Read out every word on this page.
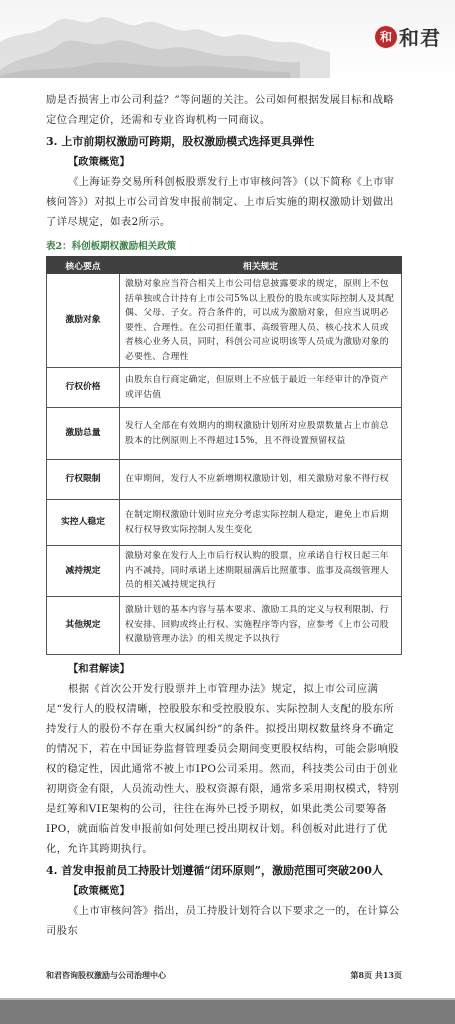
和 和君

励是否损害上市公司利益？”等问题的关注。公司如何根据发展目标和战略定位合理定价，还需和专业咨询机构一同商议。

3. 上市前期权激励可跨期，股权激励模式选择更具弹性
【政策概览】

《上海证券交易所科创板股票发行上市审核问答》（以下简称《上市审核问答》）对拟上市公司首发申报前制定、上市后实施的期权激励计划做出了详尽规定，如表2所示。

表2：科创板期权激励相关政策
核心要点	相关规定
激励对象	激励对象应当符合相关上市公司信息披露要求的规定，原则上不包括单独或合计持有上市公司5%以上股份的股东或实际控制人及其配偶、父母、子女。符合条件的，可以成为激励对象，但应当说明必要性、合理性。在公司担任董事、高级管理人员、核心技术人员或者核心业务人员，同时，科创公司应说明该等人员成为激励对象的必要性、合理性
行权价格	由股东自行商定确定，但原则上不应低于最近一年经审计的净资产或评估值
激励总量	发行人全部在有效期内的期权激励计划所对应股票数量占上市前总股本的比例原则上不得超过15%，且不得设置预留权益
行权限制	在审期间，发行人不应新增期权激励计划，相关激励对象不得行权
实控人稳定	在制定期权激励计划时应充分考虑实际控制人稳定，避免上市后期权行权导致实际控制人发生变化
减持规定	激励对象在发行人上市后行权认购的股票，应承诺自行权日起三年内不减持，同时承诺上述期限届满后比照董事、监事及高级管理人员的相关减持规定执行
其他规定	激励计划的基本内容与基本要求、激励工具的定义与权利限制、行权安排、回购或终止行权、实施程序等内容，应参考《上市公司股权激励管理办法》的相关规定予以执行
【和君解读】

根据《首次公开发行股票并上市管理办法》规定，拟上市公司应满足“发行人的股权清晰，控股股东和受控股股东、实际控制人支配的股东所持发行人的股份不存在重大权属纠纷”的条件。拟授出期权数量终身不确定的情况下，若在中国证券监督管理委员会期间变更股权结构，可能会影响股权的稳定性，因此通常不被上市IPO公司采用。然而，科技类公司由于创业初期资金有限，人员流动性大、股权资源有限，通常多采用期权模式，特别是红筹和VIE架构的公司，往往在海外已授予期权，如果此类公司要筹备IPO，就面临首发申报前如何处理已授出期权计划。科创板对此进行了优化，允许其跨期执行。

4. 首发申报前员工持股计划遵循“闭环原则”，激励范围可突破200人
【政策概览】

《上市审核问答》指出，员工持股计划符合以下要求之一的，在计算公司股东

和君咨询股权激励与公司治理中心	第8页 共13页
